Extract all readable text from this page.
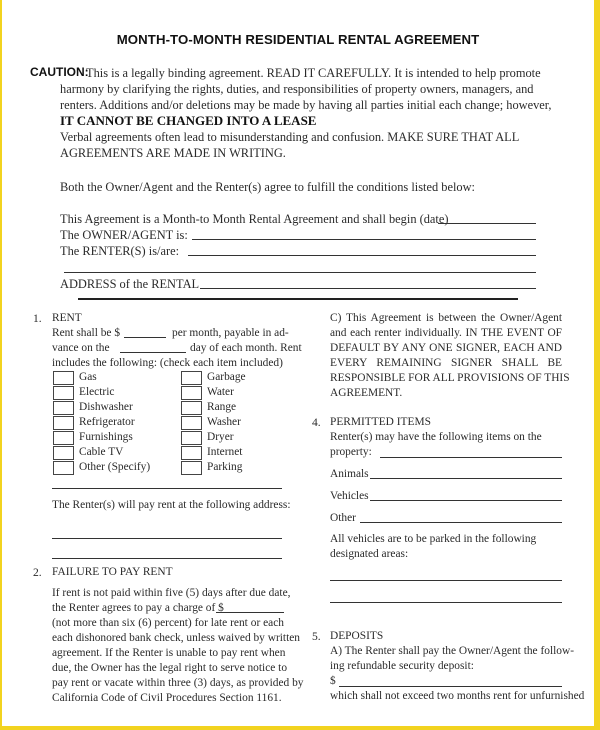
MONTH-TO-MONTH RESIDENTIAL RENTAL AGREEMENT
CAUTION:
This is a legally binding agreement. READ IT CAREFULLY. It is intended to help promote
harmony by clarifying the rights, duties, and responsibilities of property owners, managers, and
renters. Additions and/or deletions may be made by having all parties initial each change; however,
IT CANNOT BE CHANGED INTO A LEASE
Verbal agreements often lead to misunderstanding and confusion. MAKE SURE THAT ALL
AGREEMENTS ARE MADE IN WRITING.
Both the Owner/Agent and the Renter(s) agree to fulfill the conditions listed below:
This Agreement is a Month-to Month Rental Agreement and shall begin (date)
The OWNER/AGENT is:
The RENTER(S) is/are:
ADDRESS of the RENTAL
1. RENT
Rent shall be $	per month, payable in ad-
vance on the	day of each month. Rent
includes the following: (check each item included)
Gas
Electric
Dishwasher
Refrigerator
Furnishings
Cable TV
Other (Specify)
Garbage
Water
Range
Washer
Dryer
Internet
Parking
The Renter(s) will pay rent at the following address:
2. FAILURE TO PAY RENT
If rent is not paid within five (5) days after due date,
the Renter agrees to pay a charge of $
(not more than six (6) percent) for late rent or each
each dishonored bank check, unless waived by written
agreement. If the Renter is unable to pay rent when
due, the Owner has the legal right to serve notice to
pay rent or vacate within three (3) days, as provided by
California Code of Civil Procedures Section 1161.
C) This Agreement is between the Owner/Agent
and each renter individually. IN THE EVENT OF
DEFAULT BY ANY ONE SIGNER, EACH AND
EVERY REMAINING SIGNER SHALL BE
RESPONSIBLE FOR ALL PROVISIONS OF THIS
AGREEMENT.
4. PERMITTED ITEMS
Renter(s) may have the following items on the
property:
Animals
Vehicles
Other
All vehicles are to be parked in the following
designated areas:
5. DEPOSITS
A) The Renter shall pay the Owner/Agent the follow-
ing refundable security deposit:
$
which shall not exceed two months rent for unfurnished
